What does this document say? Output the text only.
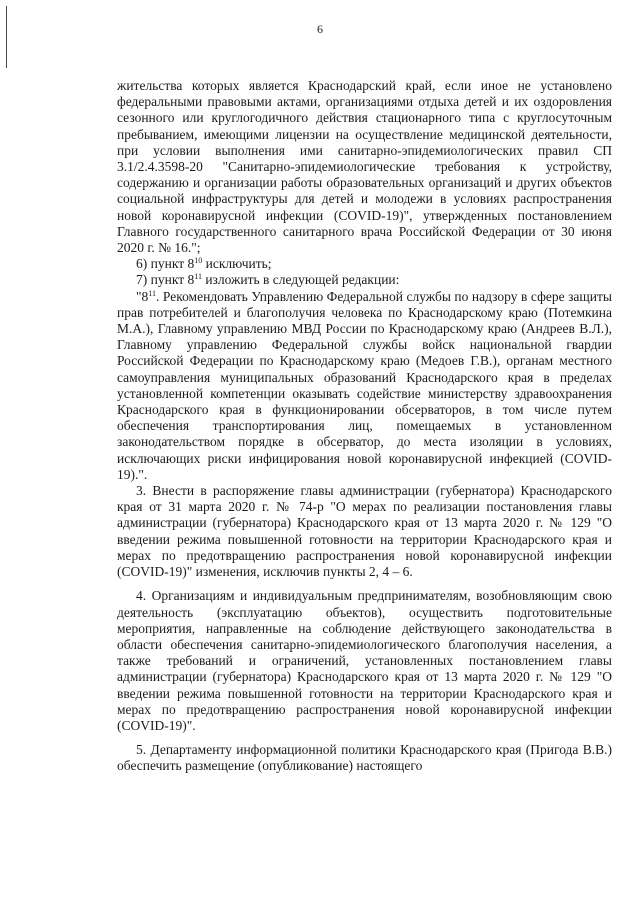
6

жительства которых является Краснодарский край, если иное не установлено федеральными правовыми актами, организациями отдыха детей и их оздоровления сезонного или круглогодичного действия стационарного типа с круглосуточным пребыванием, имеющими лицензии на осуществление медицинской деятельности, при условии выполнения ими санитарно-эпидемиологических правил СП 3.1/2.4.3598-20 "Санитарно-эпидемиологические требования к устройству, содержанию и организации работы образовательных организаций и других объектов социальной инфраструктуры для детей и молодежи в условиях распространения новой коронавирусной инфекции (COVID-19)", утвержденных постановлением Главного государственного санитарного врача Российской Федерации от 30 июня 2020 г. № 16.";

6) пункт $8^{10}$ исключить;

7) пункт $8^{11}$ изложить в следующей редакции:

"$8^{11}$. Рекомендовать Управлению Федеральной службы по надзору в сфере защиты прав потребителей и благополучия человека по Краснодарскому краю (Потемкина М.А.), Главному управлению МВД России по Краснодарскому краю (Андреев В.Л.), Главному управлению Федеральной службы войск национальной гвардии Российской Федерации по Краснодарскому краю (Медоев Г.В.), органам местного самоуправления муниципальных образований Краснодарского края в пределах установленной компетенции оказывать содействие министерству здравоохранения Краснодарского края в функционировании обсерваторов, в том числе путем обеспечения транспортирования лиц, помещаемых в установленном законодательством порядке в обсерватор, до места изоляции в условиях, исключающих риски инфицирования новой коронавирусной инфекцией (COVID-19).".

3. Внести в распоряжение главы администрации (губернатора) Краснодарского края от 31 марта 2020 г. № 74-р "О мерах по реализации постановления главы администрации (губернатора) Краснодарского края от 13 марта 2020 г. № 129 "О введении режима повышенной готовности на территории Краснодарского края и мерах по предотвращению распространения новой коронавирусной инфекции (COVID-19)" изменения, исключив пункты 2, 4 – 6.

4. Организациям и индивидуальным предпринимателям, возобновляющим свою деятельность (эксплуатацию объектов), осуществить подготовительные мероприятия, направленные на соблюдение действующего законодательства в области обеспечения санитарно-эпидемиологического благополучия населения, а также требований и ограничений, установленных постановлением главы администрации (губернатора) Краснодарского края от 13 марта 2020 г. № 129 "О введении режима повышенной готовности на территории Краснодарского края и мерах по предотвращению распространения новой коронавирусной инфекции (COVID-19)".

5. Департаменту информационной политики Краснодарского края (Пригода В.В.) обеспечить размещение (опубликование) настоящего
